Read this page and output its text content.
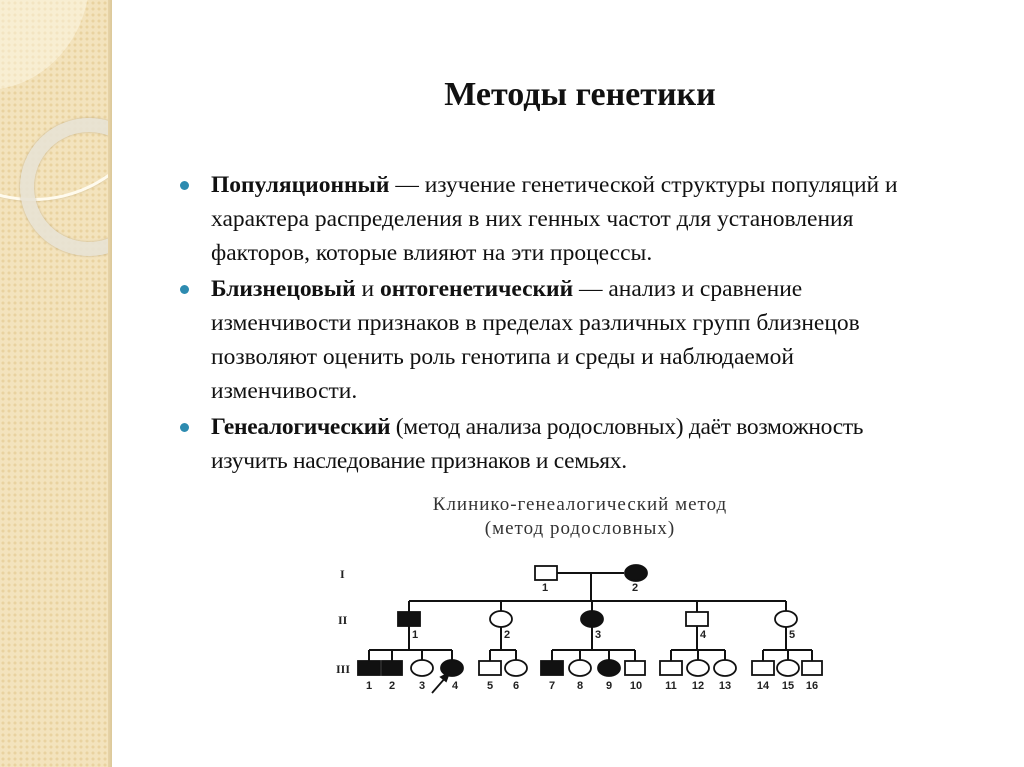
Методы генетики
Популяционный — изучение генетической структуры популяций и характера распределения в них генных частот для установления факторов, которые влияют на эти процессы.
Близнецовый и онтогенетический — анализ и сравнение изменчивости признаков в пределах различных групп близнецов позволяют оценить роль генотипа и среды и наблюдаемой изменчивости.
Генеалогический (метод анализа родословных) даёт возможность изучить наследование признаков и семьях.
Клинико-генеалогический метод
(метод родословных)
I
II
III
1	2
1	2	3	4	5
1 2 3 4	5 6	7 8 9 10 11 12 13 14 15 16
